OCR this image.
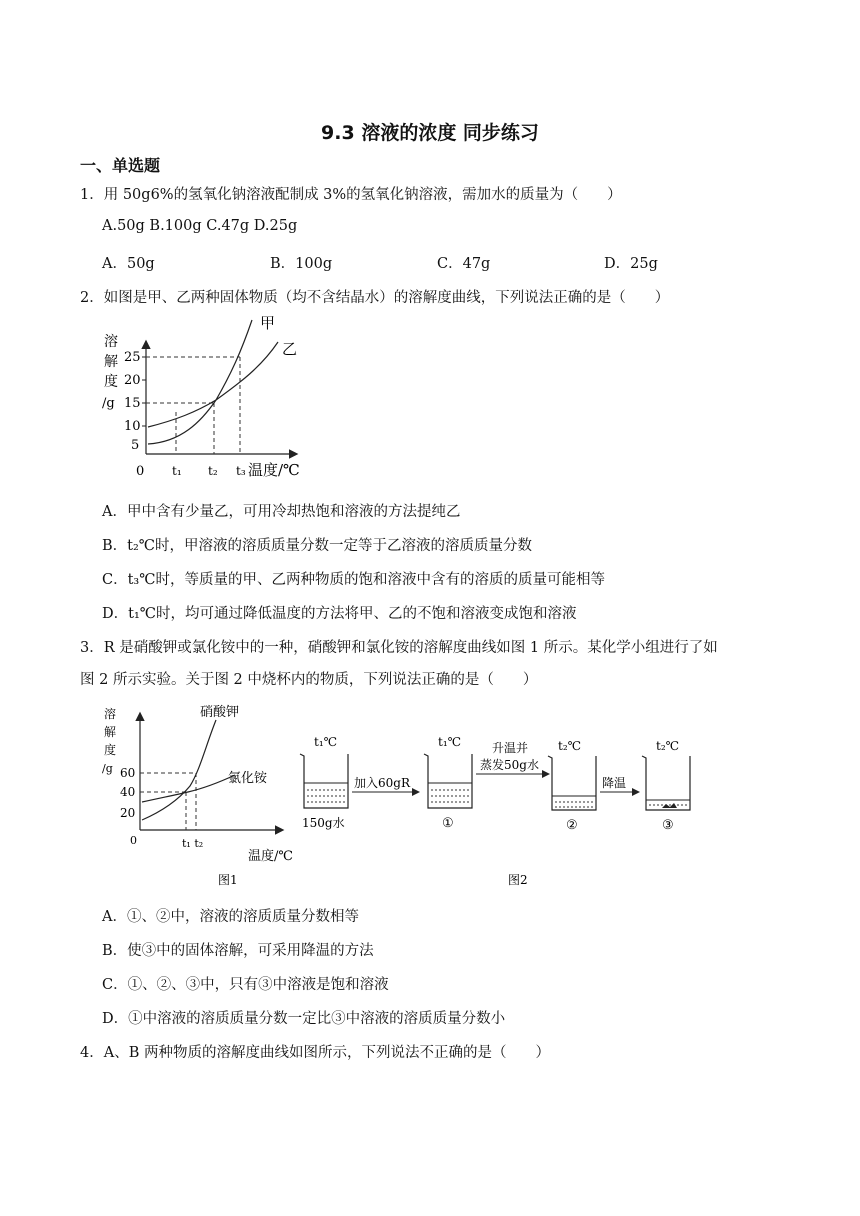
9.3 溶液的浓度 同步练习
一、单选题
1．用 50g6%的氢氧化钠溶液配制成 3%的氢氧化钠溶液，需加水的质量为（　　）
A.50g B.100g C.47g D.25g
A．50g	B．100g	C．47g	D．25g
2．如图是甲、乙两种固体物质（均不含结晶水）的溶解度曲线，下列说法正确的是（　　）
溶
解
度
/g
25
20
15
10
5
0
甲
乙
t₁ t₂ t₃ 温度/℃
A．甲中含有少量乙，可用冷却热饱和溶液的方法提纯乙
B．t₂℃时，甲溶液的溶质质量分数一定等于乙溶液的溶质质量分数
C．t₃℃时，等质量的甲、乙两种物质的饱和溶液中含有的溶质的质量可能相等
D．t₁℃时，均可通过降低温度的方法将甲、乙的不饱和溶液变成饱和溶液
3．R 是硝酸钾或氯化铵中的一种，硝酸钾和氯化铵的溶解度曲线如图 1 所示。某化学小组进行了如
图 2 所示实验。关于图 2 中烧杯内的物质，下列说法正确的是（　　）
溶
解
度
/g 60
40
20
0
硝酸钾
氯化铵
t₁ t₂
温度/℃
图1
t₁℃
150g水
加入60gR
t₁℃
①
升温并
蒸发50g水
t₂℃
②
降温
t₂℃
③
图2
A．①、②中，溶液的溶质质量分数相等
B．使③中的固体溶解，可采用降温的方法
C．①、②、③中，只有③中溶液是饱和溶液
D．①中溶液的溶质质量分数一定比③中溶液的溶质质量分数小
4．A、B 两种物质的溶解度曲线如图所示，下列说法不正确的是（　　）
